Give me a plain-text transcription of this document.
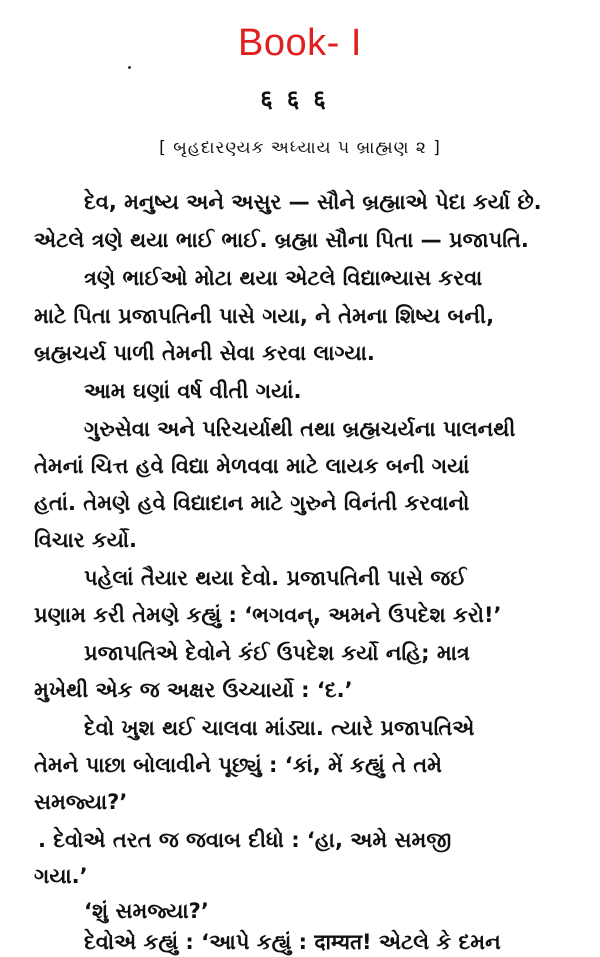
Book- I
६६६
[ બૃહદારણ્યક અધ્યાય ૫ બ્રાહ્મણ ૨ ]
દેવ, મનુષ્ય અને અસુર — સૌને બ્રહ્માએ પેદા કર્યા છે.
એટલે ત્રણે થયા ભાઈ ભાઈ. બ્રહ્મા સૌના પિતા — પ્રજાપતિ.
ત્રણે ભાઈઓ મોટા થયા એટલે વિદ્યાભ્યાસ કરવા
માટે પિતા પ્રજાપતિની પાસે ગયા, ને તેમના શિષ્ય બની,
બ્રહ્મચર્ય પાળી તેમની સેવા કરવા લાગ્યા.
આમ ઘણાં વર્ષ વીતી ગયાં.
ગુરુસેવા અને પરિચર્યાથી તથા બ્રહ્મચર્યના પાલનથી
તેમનાં ચિત્ત હવે વિદ્યા મેળવવા માટે લાયક બની ગયાં
હતાં. તેમણે હવે વિદ્યાદાન માટે ગુરુને વિનંતી કરવાનો
વિચાર કર્યો.
પહેલાં તૈયાર થયા દેવો. પ્રજાપતિની પાસે જઈ
પ્રણામ કરી તેમણે કહ્યું : ‘ભગવન્, અમને ઉપદેશ કરો!’
પ્રજાપતિએ દેવોને કંઈ ઉપદેશ કર્યો નહિ; માત્ર
મુખેથી એક જ અક્ષર ઉચ્ચાર્યો : ‘દ.’
દેવો ખુશ થઈ ચાલવા માંડ્યા. ત્યારે પ્રજાપતિએ
તેમને પાછા બોલાવીને પૂછ્યું : ‘કાં, મેં કહ્યું તે તમે
સમજ્યા?’
. દેવોએ તરત જ જવાબ દીધો : ‘હા, અમે સમજી
ગયા.’
‘શું સમજ્યા?’
દેવોએ કહ્યું : ‘આપે કહ્યું : दाम्यत! એટલે કે દમન
